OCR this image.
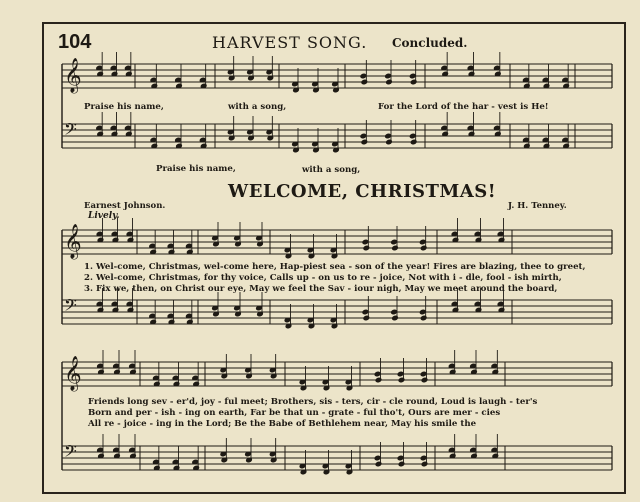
𝄞
𝄢
𝄞
𝄢
𝄞
𝄢
104	HARVEST SONG. Concluded.
Praise his name,	with a song,	For the Lord of the har - vest is He!
Praise his name,	with a song,
WELCOME, CHRISTMAS!
Earnest Johnson.	J. H. Tenney.
Lively.
1. Wel-come, Christmas, wel-come here, Hap-piest sea - son of the year! Fires are blazing, thee to greet,
2. Wel-come, Christmas, for thy voice, Calls up - on us to re - joice, Not with i - dle, fool - ish mirth,
3. Fix we, then, on Christ our eye, May we feel the Sav - iour nigh, May we meet around the board,
Friends long sev - er'd, joy - ful meet; Brothers, sis - ters, cir - cle round, Loud is laugh - ter's
Born and per - ish - ing on earth, Far be that un - grate - ful tho't, Ours are mer - cies
All re - joice - ing in the Lord; Be the Babe of Bethlehem near, May his smile the
